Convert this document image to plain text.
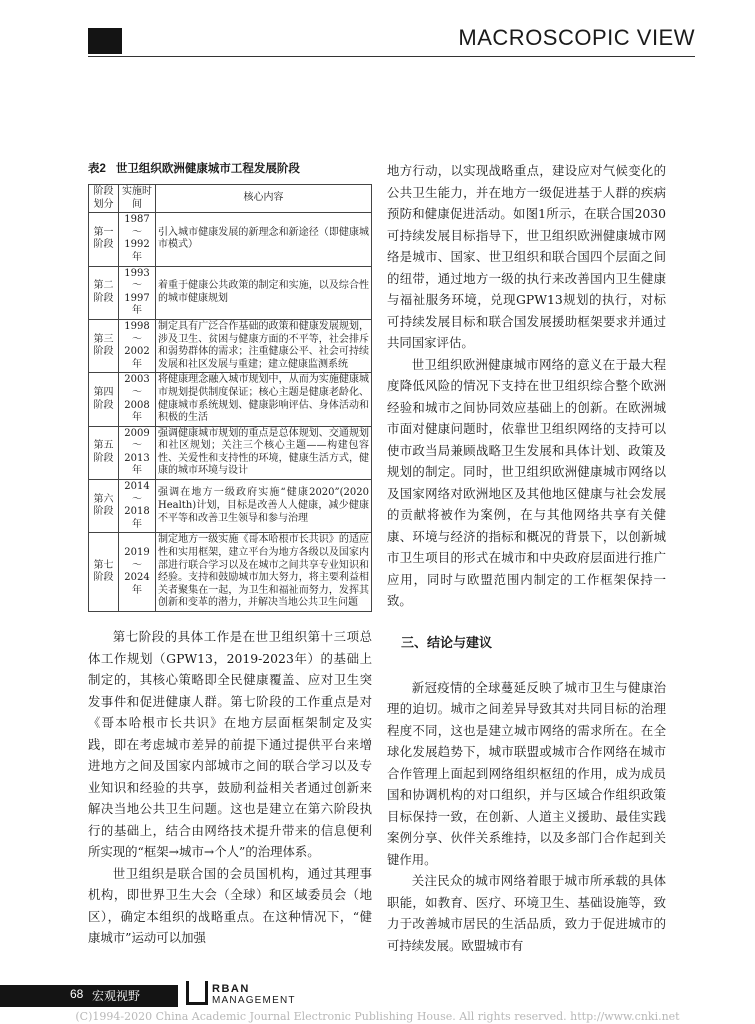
MACROSCOPIC VIEW
表2 世卫组织欧洲健康城市工程发展阶段
阶段划分	实施时间	核心内容
第一阶段	1987～1992年	引入城市健康发展的新理念和新途径（即健康城市模式）
第二阶段	1993～1997年	着重于健康公共政策的制定和实施，以及综合性的城市健康规划
第三阶段	1998～2002年	制定具有广泛合作基础的政策和健康发展规划，涉及卫生、贫困与健康方面的不平等，社会排斥和弱势群体的需求；注重健康公平、社会可持续发展和社区发展与重建；建立健康监测系统
第四阶段	2003～2008年	将健康理念融入城市规划中，从而为实施健康城市规划提供制度保证；核心主题是健康老龄化、健康城市系统规划、健康影响评估、身体活动和积极的生活
第五阶段	2009～2013年	强调健康城市规划的重点是总体规划、交通规划和社区规划；关注三个核心主题——构建包容性、关爱性和支持性的环境，健康生活方式，健康的城市环境与设计
第六阶段	2014～2018年	强调在地方一级政府实施“健康2020”(2020 Health)计划，目标是改善人人健康，减少健康不平等和改善卫生领导和参与治理
第七阶段	2019～2024年	制定地方一级实施《哥本哈根市长共识》的适应性和实用框架，建立平台为地方各级以及国家内部进行联合学习以及在城市之间共享专业知识和经验。支持和鼓励城市加大努力，将主要利益相关者聚集在一起，为卫生和福祉而努力，发挥其创新和变革的潜力，并解决当地公共卫生问题

第七阶段的具体工作是在世卫组织第十三项总体工作规划（GPW13，2019-2023年）的基础上制定的，其核心策略即全民健康覆盖、应对卫生突发事件和促进健康人群。第七阶段的工作重点是对《哥本哈根市长共识》在地方层面框架制定及实践，即在考虑城市差异的前提下通过提供平台来增进地方之间及国家内部城市之间的联合学习以及专业知识和经验的共享，鼓励利益相关者通过创新来解决当地公共卫生问题。这也是建立在第六阶段执行的基础上，结合由网络技术提升带来的信息便利所实现的“框架→城市→个人”的治理体系。

世卫组织是联合国的会员国机构，通过其理事机构，即世界卫生大会（全球）和区域委员会（地区），确定本组织的战略重点。在这种情况下，“健康城市”运动可以加强

地方行动，以实现战略重点，建设应对气候变化的公共卫生能力，并在地方一级促进基于人群的疾病预防和健康促进活动。如图1所示，在联合国2030可持续发展目标指导下，世卫组织欧洲健康城市网络是城市、国家、世卫组织和联合国四个层面之间的纽带，通过地方一级的执行来改善国内卫生健康与福祉服务环境，兑现GPW13规划的执行，对标可持续发展目标和联合国发展援助框架要求并通过共同国家评估。

世卫组织欧洲健康城市网络的意义在于最大程度降低风险的情况下支持在世卫组织综合整个欧洲经验和城市之间协同效应基础上的创新。在欧洲城市面对健康问题时，依靠世卫组织网络的支持可以使市政当局兼顾战略卫生发展和具体计划、政策及规划的制定。同时，世卫组织欧洲健康城市网络以及国家网络对欧洲地区及其他地区健康与社会发展的贡献将被作为案例，在与其他网络共享有关健康、环境与经济的指标和概况的背景下，以创新城市卫生项目的形式在城市和中央政府层面进行推广应用，同时与欧盟范围内制定的工作框架保持一致。

三、结论与建议

新冠疫情的全球蔓延反映了城市卫生与健康治理的迫切。城市之间差异导致其对共同目标的治理程度不同，这也是建立城市网络的需求所在。在全球化发展趋势下，城市联盟或城市合作网络在城市合作管理上面起到网络组织枢纽的作用，成为成员国和协调机构的对口组织，并与区域合作组织政策目标保持一致，在创新、人道主义援助、最佳实践案例分享、伙伴关系维持，以及多部门合作起到关键作用。

关注民众的城市网络着眼于城市所承载的具体职能，如教育、医疗、环境卫生、基础设施等，致力于改善城市居民的生活品质，致力于促进城市的可持续发展。欧盟城市有

68 宏观视野	RBAN
MANAGEMENT
(C)1994-2020 China Academic Journal Electronic Publishing House. All rights reserved. http://www.cnki.net
